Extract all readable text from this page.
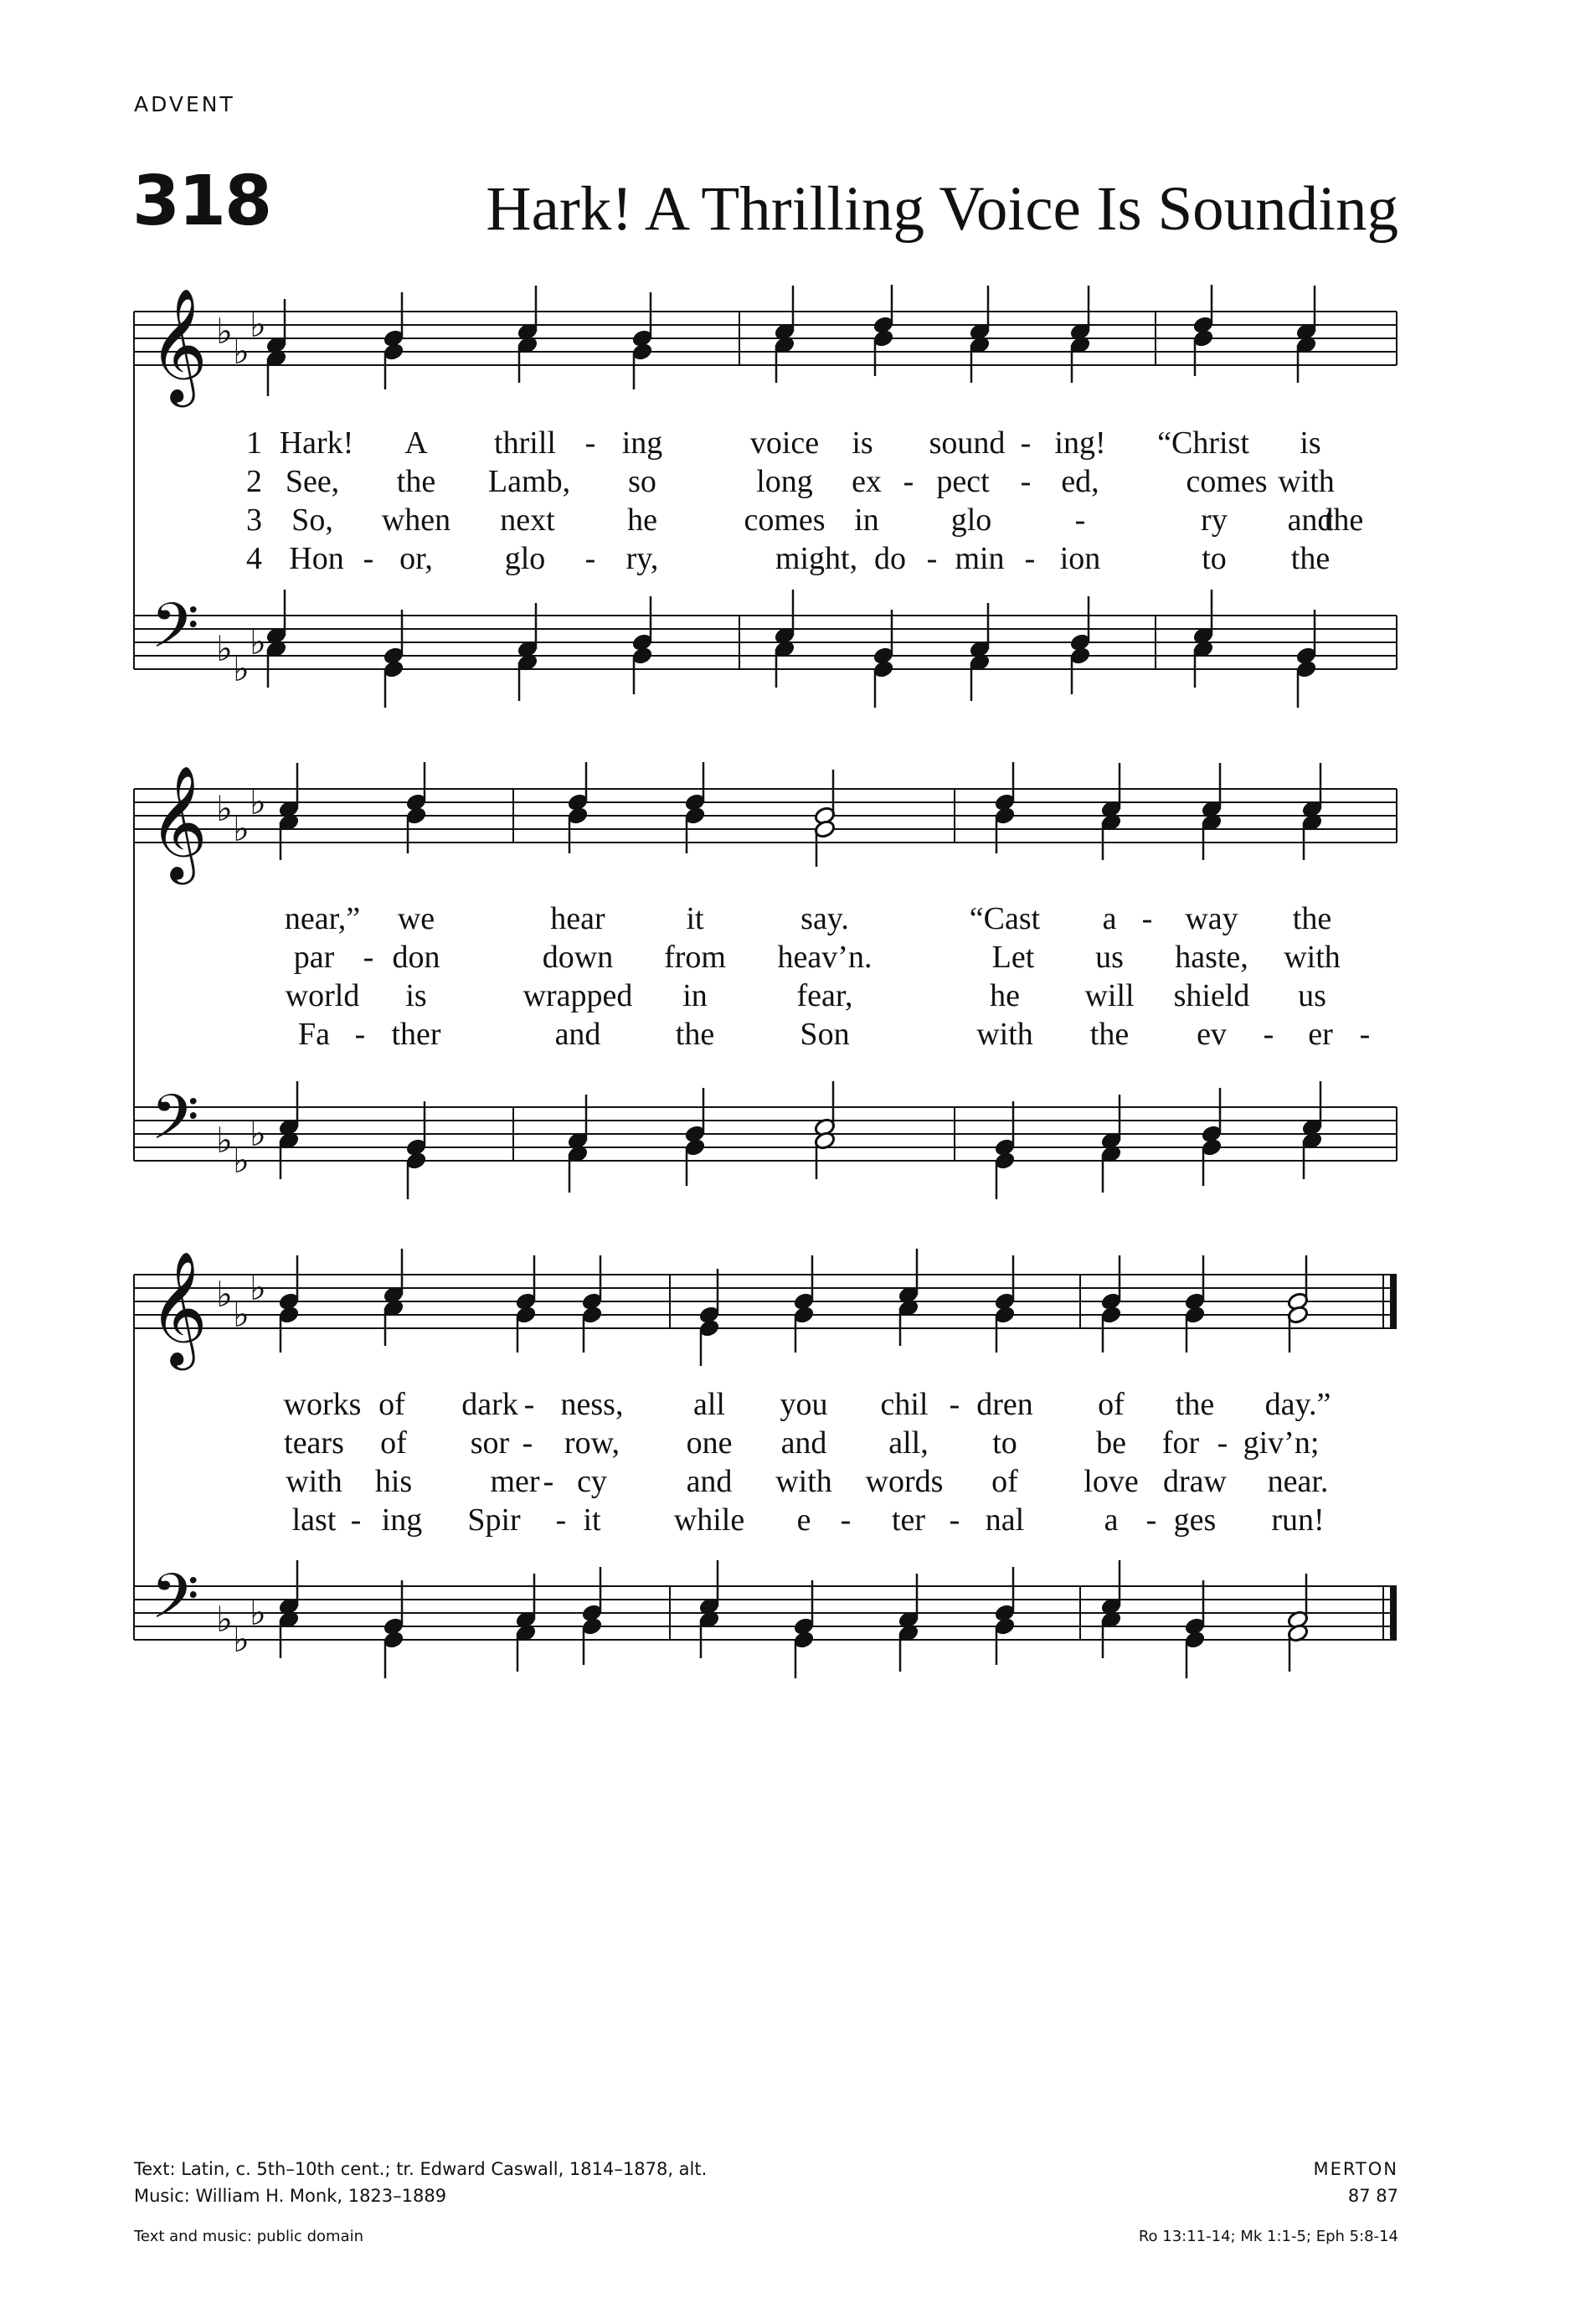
ADVENT
318	Hark! A Thrilling Voice Is Sounding
𝄞
𝄢
♭ ♭
♭
♭ ♭
♭
1 Hark! A thrill - ing	voice is sound - ing! “Christ is
2 See, the Lamb, so	long ex - pect - ed,	comes with
3 So, when next he	comes in glo	-	ry and
the
4 Hon - or, glo - ry,	might, do - min - ion	to the
𝄞
𝄢
♭ ♭
♭
♭ ♭
♭
near,” we	hear	it	say.	“Cast a - way the
par - don	down from heav’n.	Let us haste, with
world is	wrapped in	fear,	he will shield us
Fa - ther	and the	Son	with the ev - er -
𝄞
𝄢
♭ ♭
♭
♭ ♭
♭
works of dark - ness, all you chil - dren of the day.”
tears of sor - row, one and all, to be for - giv’n;
with his mer - cy and with words of love draw near.
last - ing Spir - it while e - ter - nal	a - ges run!
Text: Latin, c. 5th–10th cent.; tr. Edward Caswall, 1814–1878, alt.
Music: William H. Monk, 1823–1889
Text and music: public domain
MERTON
87 87
Ro 13:11-14; Mk 1:1-5; Eph 5:8-14
